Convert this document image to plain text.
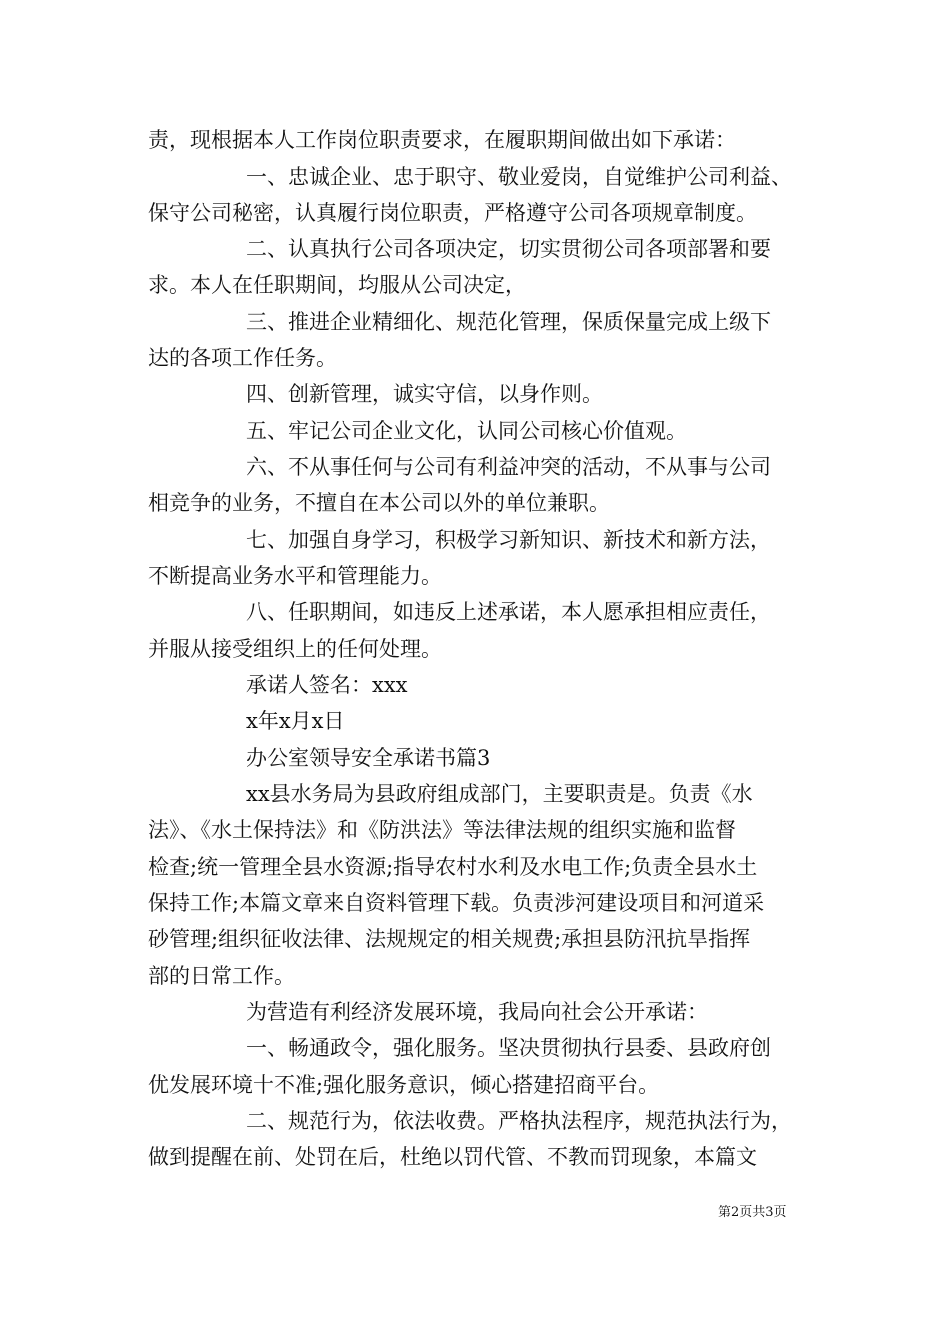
责，现根据本人工作岗位职责要求，在履职期间做出如下承诺：
一、忠诚企业、忠于职守、敬业爱岗，自觉维护公司利益、
保守公司秘密，认真履行岗位职责，严格遵守公司各项规章制度。
二、认真执行公司各项决定，切实贯彻公司各项部署和要
求。本人在任职期间，均服从公司决定，
三、推进企业精细化、规范化管理，保质保量完成上级下
达的各项工作任务。
四、创新管理，诚实守信，以身作则。
五、牢记公司企业文化，认同公司核心价值观。
六、不从事任何与公司有利益冲突的活动，不从事与公司
相竞争的业务，不擅自在本公司以外的单位兼职。
七、加强自身学习，积极学习新知识、新技术和新方法，
不断提高业务水平和管理能力。
八、任职期间，如违反上述承诺，本人愿承担相应责任，
并服从接受组织上的任何处理。
承诺人签名：xxx
x年x月x日
办公室领导安全承诺书篇3
xx县水务局为县政府组成部门，主要职责是。负责《水
法》、《水土保持法》和《防洪法》等法律法规的组织实施和监督
检查;统一管理全县水资源;指导农村水利及水电工作;负责全县水土
保持工作;本篇文章来自资料管理下载。负责涉河建设项目和河道采
砂管理;组织征收法律、法规规定的相关规费;承担县防汛抗旱指挥
部的日常工作。
为营造有利经济发展环境，我局向社会公开承诺：
一、畅通政令，强化服务。坚决贯彻执行县委、县政府创
优发展环境十不准;强化服务意识，倾心搭建招商平台。
二、规范行为，依法收费。严格执法程序，规范执法行为，
做到提醒在前、处罚在后，杜绝以罚代管、不教而罚现象，本篇文
第2页共3页
